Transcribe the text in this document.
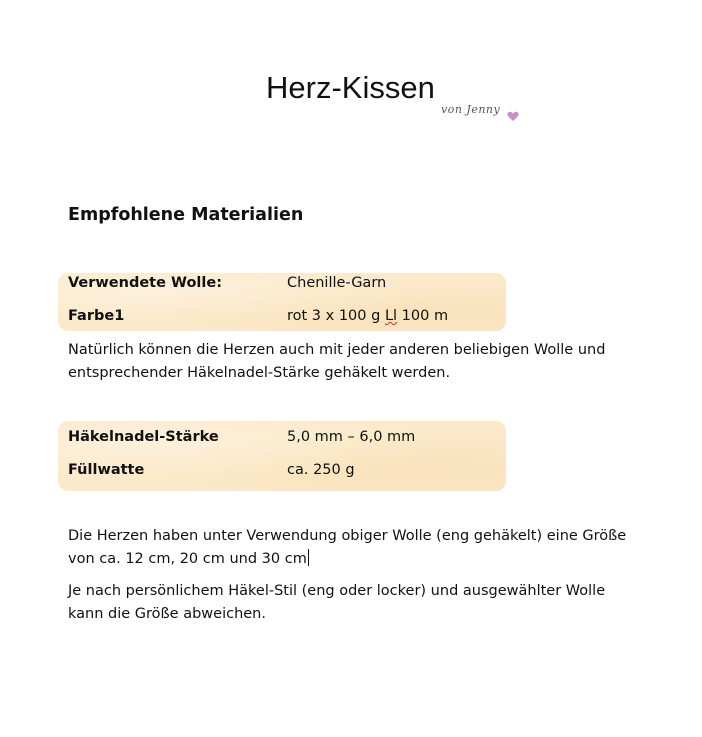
Herz-Kissen
von Jenny
Empfohlene Materialien
Verwendete Wolle:	Chenille-Garn
Farbe1	rot 3 x 100 g Ll 100 m
Natürlich können die Herzen auch mit jeder anderen beliebigen Wolle und entsprechender Häkelnadel-Stärke gehäkelt werden.
Häkelnadel-Stärke	5,0 mm – 6,0 mm
Füllwatte	ca. 250 g
Die Herzen haben unter Verwendung obiger Wolle (eng gehäkelt) eine Größe von ca. 12 cm, 20 cm und 30 cm
Je nach persönlichem Häkel-Stil (eng oder locker) und ausgewählter Wolle kann die Größe abweichen.
